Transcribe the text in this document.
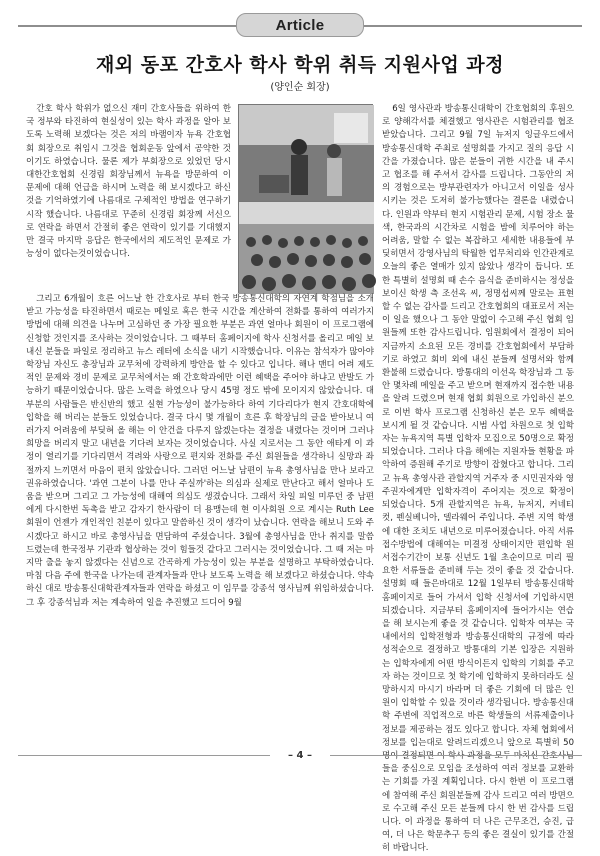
Article
재외 동포 간호사 학사 학위 취득 지원사업 과정
(양인순 회장)

간호 학사 학위가 없으신 재미 간호사들을 위하여 한국 정부와 타진하여 현실성이 있는 학사 과정을 알아 보도록 노력해 보겠다는 것은 저의 바램이자 뉴욕 간호협회 회장으로 취임시 그것을 협회운동 앞에서 공약한 것이기도 하였습니다. 물론 제가 부회장으로 있었던 당시 대한간호협회 신경림 회장님께서 뉴욕을 방문하여 이 문제에 대해 언급을 하시며 노력을 해 보시겠다고 하신것을 기억하였기에 나름대로 구체적인 방법을 연구하기 시작 했습니다. 나름대로 꾸준히 신경림 회장께 서신으로 연락을 하면서 간절히 좋은 연락이 있기를 기대했지만 결국 마지막 응답은 한국에서의 제도적인 문제로 가능성이 없다는것이었습니다.

그리고 6개월이 흐른 어느날 한 간호사로 부터 한국 방송통신대학의 자연계 학점님을 소개받고 가능성을 타진하면서 때로는 메일로 혹은 한국 시간을 계산하여 전화를 통하여 여러가지 방법에 대해 의견을 나누며 고심하던 중 가장 필요한 부분은 과연 얼마나 회원이 이 프로그램에 신청할 것인지를 조사하는 것이었습니다. 그 때부터 홈페이지에 학사 신청서를 올리고 메일 보내신 분들을 파일로 정리하고 뉴스 레터에 소식을 내기 시작했습니다. 이유는 참석자가 많아야 학장님 자신도 총장님과 교무처에 강력하게 방안을 할 수 있다고 입니다. 해나 맨디 어려 제도적인 문제와 경비 문제로 교무처에서는 왜 간호학과에만 이런 혜택을 주어야 하냐고 반발도 가능하기 때문이었습니다. 많은 노력을 하였으나 당시 45명 정도 밖에 모이지지 않았습니다. 대부분의 사람들은 반신반의 했고 실현 가능성이 불가능하다 하여 기다리다가 현지 간호대학에 입학을 해 버리는 분들도 있었습니다. 결국 다시 몇 개월이 흐른 후 학장님의 글을 받아보니 여러가지 어려움에 부딪혀 올 해는 이 안건을 다루지 않겠는다는 결정을 내렸다는 것이며 그러나 희망을 버리지 말고 내년을 기다려 보자는 것이었습니다. 사실 지로서는 그 동안 애타게 이 과정이 열리기를 기다리면서 격려와 사랑으로 편지와 전화를 주신 회원들을 생각하니 실망과 좌절까지 느끼면서 마음이 편치 않았습니다. 그러던 어느날 남편이 뉴욕 총영사님을 만나 보라고 권유하였습니다. '과연 그분이 나를 만나 주실까'하는 의심과 실제로 만난다고 해서 얼마나 도움을 받으며 그리고 그 가능성에 대해여 의심도 생겼습니다. 그래서 차일 피일 미루던 중 남편에게 다시한번 독촉을 받고 감자기 한사람이 더 용맹는데 현 이사회원 으로 계시는 Ruth Lee 회원이 언젠가 개인적인 친분이 있다고 말씀하신 것이 생각이 났습니다. 연락을 해보니 도와 주시겠다고 하시고 바로 총영사님을 면담하여 주셨습니다. 3월에 총영사님을 만나 취지를 말씀 드렸는데 한국정부 기관과 협상하는 것이 힘들것 같다고 그러시는 것이었습니다. 그 때 저는 마지막 출을 놓지 않겠다는 신념으로 간곡하게 가능성이 있는 부분을 설명하고 부탁하였습니다. 마침 다음 주에 한국을 나가는데 관계자들과 만나 보도록 노력을 해 보겠다고 하셨습니다. 약속하신 대로 방송통신대학관계자들과 연락을 하셨고 이 임무를 강종석 영사님께 위임하셨습니다. 그 후 강종석님과 저는 계속하여 일을 추진했고 드디어 9월

6일 영사관과 방송통신대학이 간호협회의 후원으로 양해각서를 체결했고 영사관은 시험관리를 협조 받았습니다. 그리고 9월 7일 뉴저지 잉글우드에서 방송통신대학 주최로 설명회를 가지고 질의 응답 시간을 가졌습니다. 많은 분들이 귀한 시간을 내 주시고 협조를 해 주셔서 감사를 드립니다. 그동안의 저의 경험으로는 방부관련자가 아니고서 이일을 성사시키는 것은 도저히 불가능했다는 결론을 내렸습니다. 인원과 약부터 현지 시험관리 문제, 시험 장소 물색, 한국과의 시간차로 시험을 밤에 치루어야 하는 어려움, 말할 수 없는 복잡하고 세세한 내용들에 부딪히면서 강영사님의 탁월한 업무처리와 인간관계로 오늘의 좋은 열매가 있지 않았나 생각이 듭니다. 또한 특별히 설명회 때 손수 음식을 준비하시는 정성을 보이신 학생 측 조선옥 씨, 정명섭씨께 말로는 표현할 수 없는 감사를 드리고 간호협회의 대표로서 저는 이 일을 했으나 그 동안 말없이 수고해 주신 협회 임원들께 또한 감사드립니다. 임원회에서 결정이 되어 지금까지 소요된 모든 경비를 간호협회에서 부담하기로 하였고 회비 외에 내신 분들께 설명서와 함께 환불해 드렸습니다. 방통대의 이선옥 학장님과 그 동안 몇차례 메일을 주고 받으며 현재까지 접수한 내용을 알려 드렸으며 현재 협회 회원으로 가입하신 분으로 이번 학사 프로그램 신청하신 분은 모두 혜택을 보시게 될 것 같습니다. 시범 사업 차원으로 첫 입학자는 뉴욕지역 특별 입학자 모집으로 50명으로 확정되었습니다. 그러나 다음 해에는 지원자들 현황을 파악하여 증원해 주기로 방향이 잡혔다고 합니다. 그리고 뉴욕 총영사관 관할지역 거주자 중 시민권자와 영주권자에게만 입학자격이 주어지는 것으로 확정이 되었습니다. 5개 관할지역은 뉴욕, 뉴저지, 커네티컷, 펜실베니아, 델라웨어 주입니다. 주변 지역 학생에 대한 조치도 내년으로 미루어졌습니다. 아직 서류 접수방법에 대해여는 미결정 상태이지만 편입학 원서접수기간이 보통 신년도 1월 초순이므로 미리 필요한 서류들을 준비해 두는 것이 좋을 것 같습니다. 설명회 때 들은바대로 12월 1일부터 방송통신대학 홈페이지로 들어 가셔서 입학 신청서에 기입하시면 되겠습니다. 지금부터 홈페이지에 들어가시는 연습을 해 보시는게 좋을 것 같습니다. 입학자 여부는 국내에서의 입학전형과 방송통신대학의 규정에 따라 성적순으로 결정하고 방통대의 기본 입장은 지원하는 입학자에게 어떤 방식이든지 입학의 기회를 주고자 하는 것이므로 첫 학기에 입학하지 못하더라도 실망하시지 마시기 바라며 더 좋은 기회에 더 많은 인원이 입학할 수 있을 것이라 생각됩니다. 방송통신대학 주변에 직업적으로 바른 학생들의 서류제출이나 정보를 제공하는 점도 있다고 합니다. 자체 협회에서 정보를 입는대로 알려드리겠으니 앞으로 특별히 50 들을 중심으로 모임을 조성하여 여러 정보를 교환하는 기회를 가질 계획입니다. 다시 한번 이 프로그램에 참여해 주신 회원분들께 감사 드리고 여러 방면으로 수고해 주신 모든 분들께 다시 한 번 감사를 드립니다. 이 과정을 통하여 더 나은 근무조건, 승진, 급여, 더 나은 학문추구 등의 좋은 결실이 있기를 간절히 바랍니다.

– 4 –
